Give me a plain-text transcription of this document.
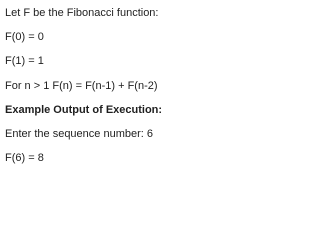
Let F be the Fibonacci function:
F(0) = 0
F(1) = 1
For n > 1 F(n) = F(n-1) + F(n-2)
Example Output of Execution:
Enter the sequence number: 6
F(6) = 8
